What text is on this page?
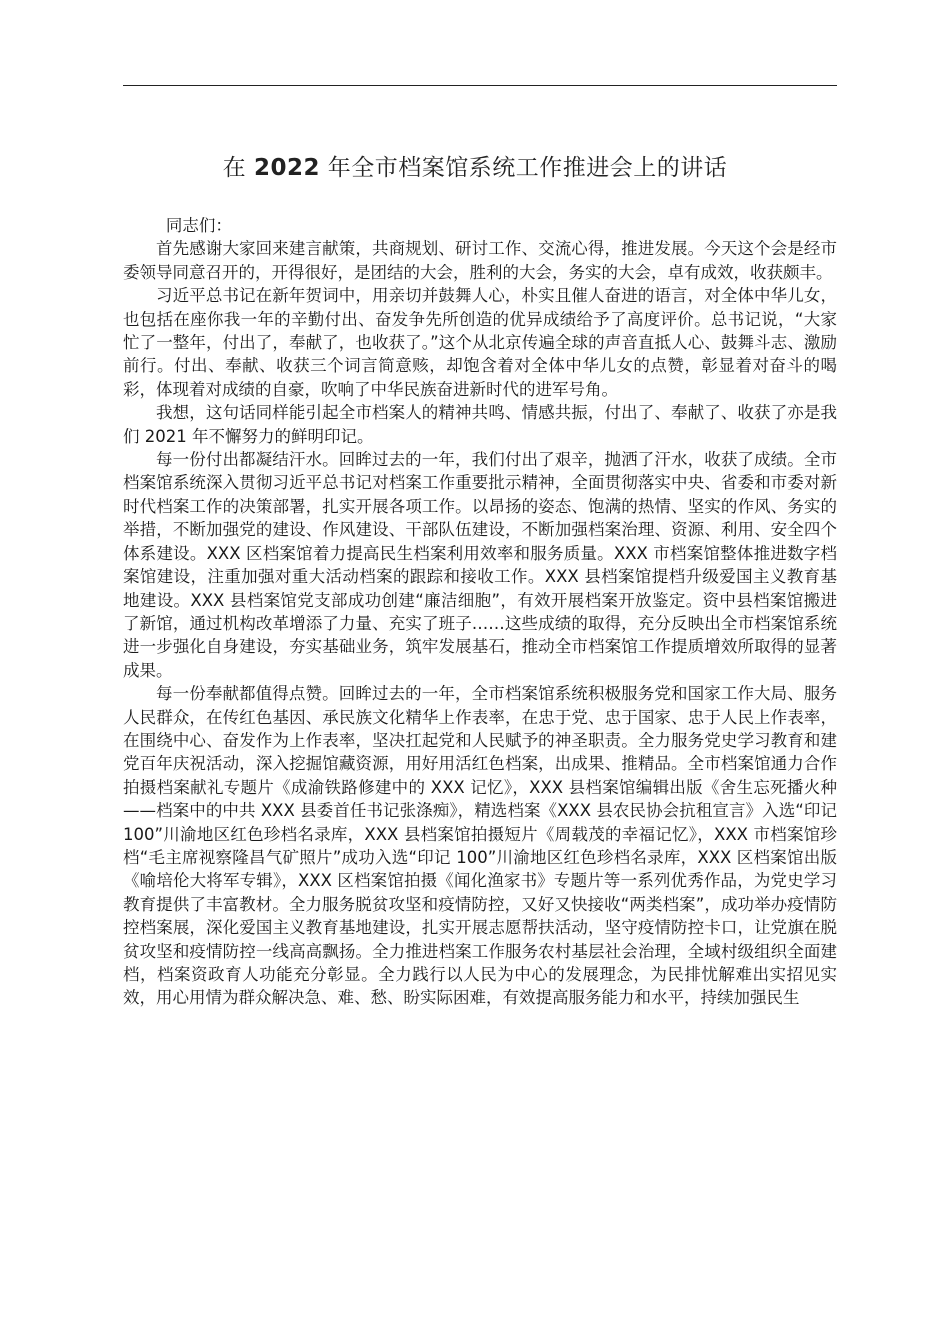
在 2022 年全市档案馆系统工作推进会上的讲话

同志们：

首先感谢大家回来建言献策，共商规划、研讨工作、交流心得，推进发展。今天这个会是经市委领导同意召开的，开得很好，是团结的大会，胜利的大会，务实的大会，卓有成效，收获颇丰。

习近平总书记在新年贺词中，用亲切并鼓舞人心，朴实且催人奋进的语言，对全体中华儿女，也包括在座你我一年的辛勤付出、奋发争先所创造的优异成绩给予了高度评价。总书记说，“大家忙了一整年，付出了，奉献了，也收获了。”这个从北京传遍全球的声音直抵人心、鼓舞斗志、激励前行。付出、奉献、收获三个词言简意赅，却饱含着对全体中华儿女的点赞，彰显着对奋斗的喝彩，体现着对成绩的自豪，吹响了中华民族奋进新时代的进军号角。

我想，这句话同样能引起全市档案人的精神共鸣、情感共振，付出了、奉献了、收获了亦是我们 2021 年不懈努力的鲜明印记。

每一份付出都凝结汗水。回眸过去的一年，我们付出了艰辛，抛洒了汗水，收获了成绩。全市档案馆系统深入贯彻习近平总书记对档案工作重要批示精神，全面贯彻落实中央、省委和市委对新时代档案工作的决策部署，扎实开展各项工作。以昂扬的姿态、饱满的热情、坚实的作风、务实的举措，不断加强党的建设、作风建设、干部队伍建设，不断加强档案治理、资源、利用、安全四个体系建设。XXX 区档案馆着力提高民生档案利用效率和服务质量。XXX 市档案馆整体推进数字档案馆建设，注重加强对重大活动档案的跟踪和接收工作。XXX 县档案馆提档升级爱国主义教育基地建设。XXX 县档案馆党支部成功创建“廉洁细胞”，有效开展档案开放鉴定。资中县档案馆搬进了新馆，通过机构改革增添了力量、充实了班子……这些成绩的取得，充分反映出全市档案馆系统进一步强化自身建设，夯实基础业务，筑牢发展基石，推动全市档案馆工作提质增效所取得的显著成果。

每一份奉献都值得点赞。回眸过去的一年，全市档案馆系统积极服务党和国家工作大局、服务人民群众，在传红色基因、承民族文化精华上作表率，在忠于党、忠于国家、忠于人民上作表率，在围绕中心、奋发作为上作表率，坚决扛起党和人民赋予的神圣职责。全力服务党史学习教育和建党百年庆祝活动，深入挖掘馆藏资源，用好用活红色档案，出成果、推精品。全市档案馆通力合作拍摄档案献礼专题片《成渝铁路修建中的 XXX 记忆》，XXX 县档案馆编辑出版《舍生忘死播火种——档案中的中共 XXX 县委首任书记张涤痴》，精选档案《XXX 县农民协会抗租宣言》入选“印记 100”川渝地区红色珍档名录库，XXX 县档案馆拍摄短片《周载茂的幸福记忆》，XXX 市档案馆珍档“毛主席视察隆昌气矿照片”成功入选“印记 100”川渝地区红色珍档名录库，XXX 区档案馆出版《喻培伦大将军专辑》，XXX 区档案馆拍摄《闻化渔家书》专题片等一系列优秀作品，为党史学习教育提供了丰富教材。全力服务脱贫攻坚和疫情防控，又好又快接收“两类档案”，成功举办疫情防控档案展，深化爱国主义教育基地建设，扎实开展志愿帮扶活动，坚守疫情防控卡口，让党旗在脱贫攻坚和疫情防控一线高高飘扬。全力推进档案工作服务农村基层社会治理，全域村级组织全面建档，档案资政育人功能充分彰显。全力践行以人民为中心的发展理念，为民排忧解难出实招见实效，用心用情为群众解决急、难、愁、盼实际困难，有效提高服务能力和水平，持续加强民生
